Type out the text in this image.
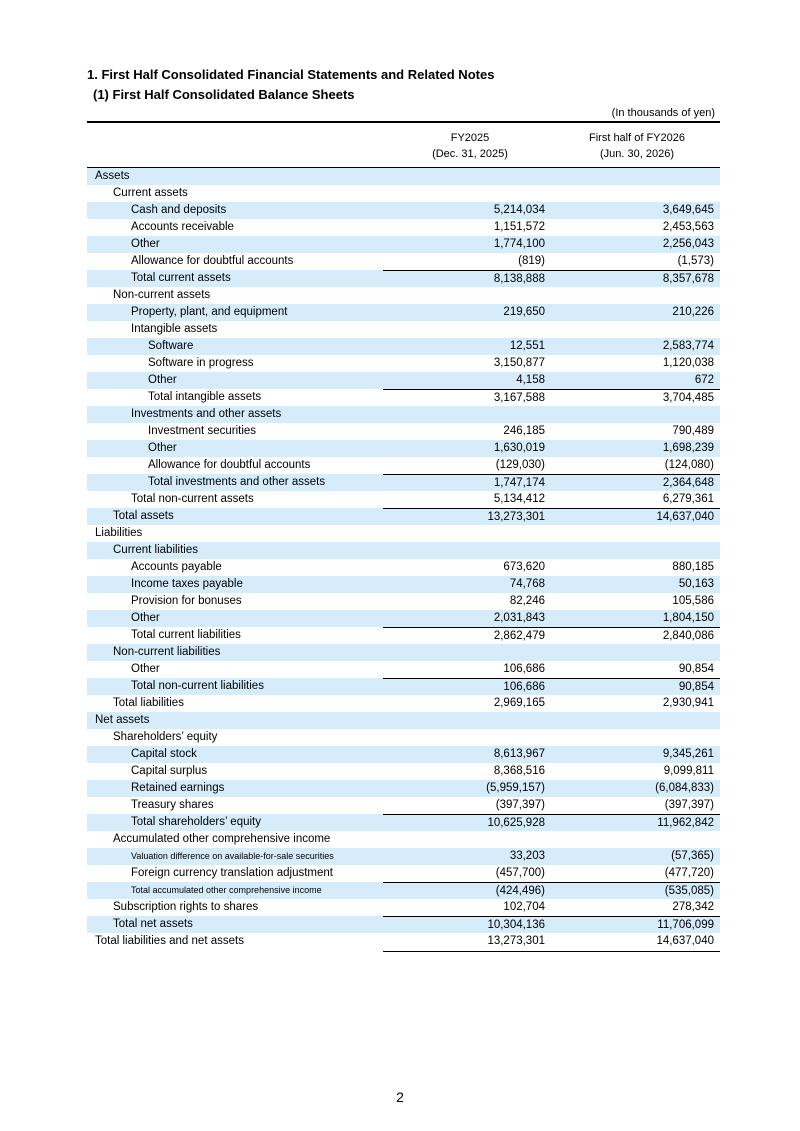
1. First Half Consolidated Financial Statements and Related Notes
(1) First Half Consolidated Balance Sheets
(In thousands of yen)
FY2025
(Dec. 31, 2025)
First half of FY2026
(Jun. 30, 2026)
Assets
Current assets
Cash and deposits	5,214,034	3,649,645
Accounts receivable	1,151,572	2,453,563
Other	1,774,100	2,256,043
Allowance for doubtful accounts	(819)	(1,573)
Total current assets	8,138,888	8,357,678
Non-current assets
Property, plant, and equipment	219,650	210,226
Intangible assets
Software	12,551	2,583,774
Software in progress	3,150,877	1,120,038
Other	4,158	672
Total intangible assets	3,167,588	3,704,485
Investments and other assets
Investment securities	246,185	790,489
Other	1,630,019	1,698,239
Allowance for doubtful accounts	(129,030)	(124,080)
Total investments and other assets	1,747,174	2,364,648
Total non-current assets	5,134,412	6,279,361
Total assets	13,273,301	14,637,040
Liabilities
Current liabilities
Accounts payable	673,620	880,185
Income taxes payable	74,768	50,163
Provision for bonuses	82,246	105,586
Other	2,031,843	1,804,150
Total current liabilities	2,862,479	2,840,086
Non-current liabilities
Other	106,686	90,854
Total non-current liabilities	106,686	90,854
Total liabilities	2,969,165	2,930,941
Net assets
Shareholders’ equity
Capital stock	8,613,967	9,345,261
Capital surplus	8,368,516	9,099,811
Retained earnings	(5,959,157)	(6,084,833)
Treasury shares	(397,397)	(397,397)
Total shareholders’ equity	10,625,928	11,962,842
Accumulated other comprehensive income
Valuation difference on available-for-sale securities	33,203	(57,365)
Foreign currency translation adjustment	(457,700)	(477,720)
Total accumulated other comprehensive income	(424,496)	(535,085)
Subscription rights to shares	102,704	278,342
Total net assets	10,304,136	11,706,099
Total liabilities and net assets	13,273,301	14,637,040
2
